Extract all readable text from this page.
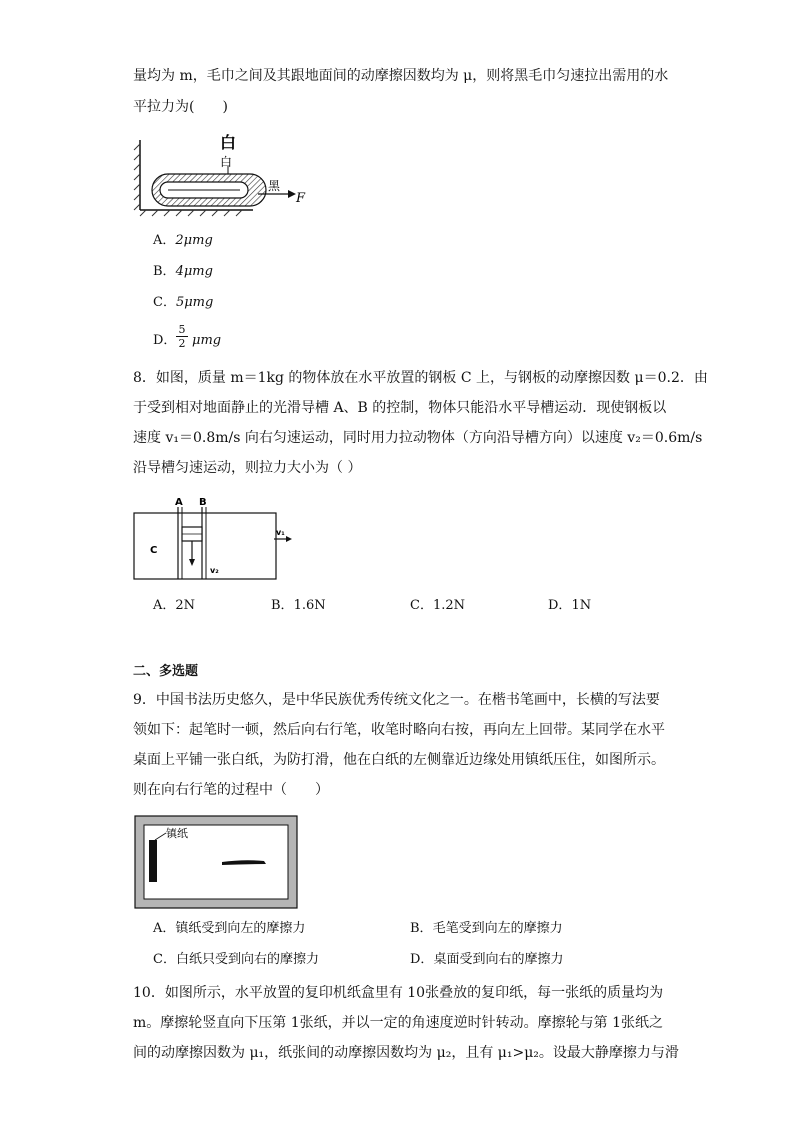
量均为 m，毛巾之间及其跟地面间的动摩擦因数均为 μ，则将黑毛巾匀速拉出需用的水
平拉力为(　　)
白
白
黑
F
A．2μmg
B．4μmg
C．5μmg
D．
5
2 μmg
8．如图，质量 m＝1kg 的物体放在水平放置的钢板 C 上，与钢板的动摩擦因数 μ＝0.2．由
于受到相对地面静止的光滑导槽 A、B 的控制，物体只能沿水平导槽运动．现使钢板以
速度 v₁＝0.8m/s 向右匀速运动，同时用力拉动物体（方向沿导槽方向）以速度 v₂＝0.6m/s
沿导槽匀速运动，则拉力大小为（ ）
A B
C
v₁
v₂
A．2N	B．1.6N	C．1.2N	D．1N
二、多选题
9．中国书法历史悠久，是中华民族优秀传统文化之一。在楷书笔画中，长横的写法要
领如下：起笔时一顿，然后向右行笔，收笔时略向右按，再向左上回带。某同学在水平
桌面上平铺一张白纸，为防打滑，他在白纸的左侧靠近边缘处用镇纸压住，如图所示。
则在向右行笔的过程中（　　）
镇纸
A．镇纸受到向左的摩擦力	B．毛笔受到向左的摩擦力
C．白纸只受到向右的摩擦力	D．桌面受到向右的摩擦力
10．如图所示，水平放置的复印机纸盒里有 10张叠放的复印纸，每一张纸的质量均为
m。摩擦轮竖直向下压第 1张纸，并以一定的角速度逆时针转动。摩擦轮与第 1张纸之
间的动摩擦因数为 μ₁，纸张间的动摩擦因数均为 μ₂，且有 μ₁>μ₂。设最大静摩擦力与滑
